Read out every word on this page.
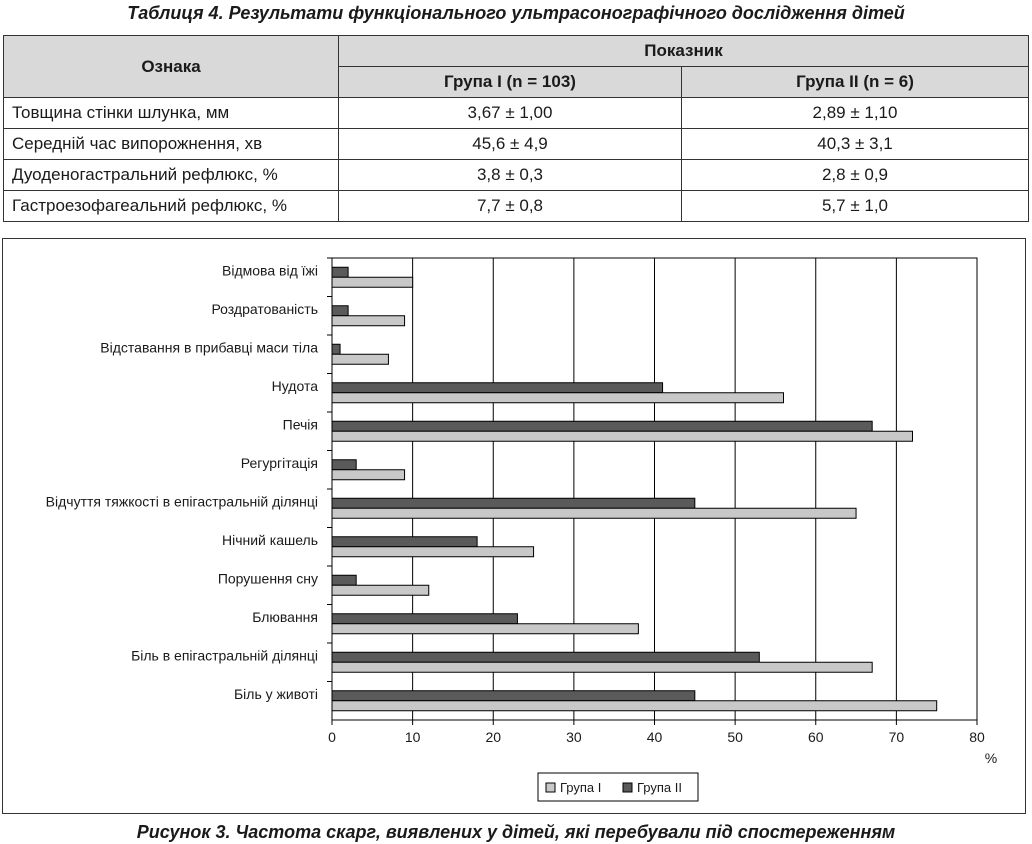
Таблиця 4. Результати функціонального ультрасонографічного дослідження дітей
Ознака	Показник	
	Група I (n = 103)	Група II (n = 6)
Товщина стінки шлунка, мм	3,67 ± 1,00	2,89 ± 1,10
Середній час випорожнення, хв	45,6 ± 4,9	40,3 ± 3,1
Дуоденогастральний рефлюкс, %	3,8 ± 0,3	2,8 ± 0,9
Гастроезофагеальний рефлюкс, %	7,7 ± 0,8	5,7 ± 1,0
0	10	20	30	40	50	60	70	80
%
Відмова від їжі
Роздратованість
Відставання в прибавці маси тіла
Нудота
Печія
Регургітація
Відчуття тяжкості в епігастральній ділянці
Нічний кашель
Порушення сну
Блювання
Біль в епігастральній ділянці
Біль у животі
Група I	Група II
Рисунок 3. Частота скарг, виявлених у дітей, які перебували під спостереженням
